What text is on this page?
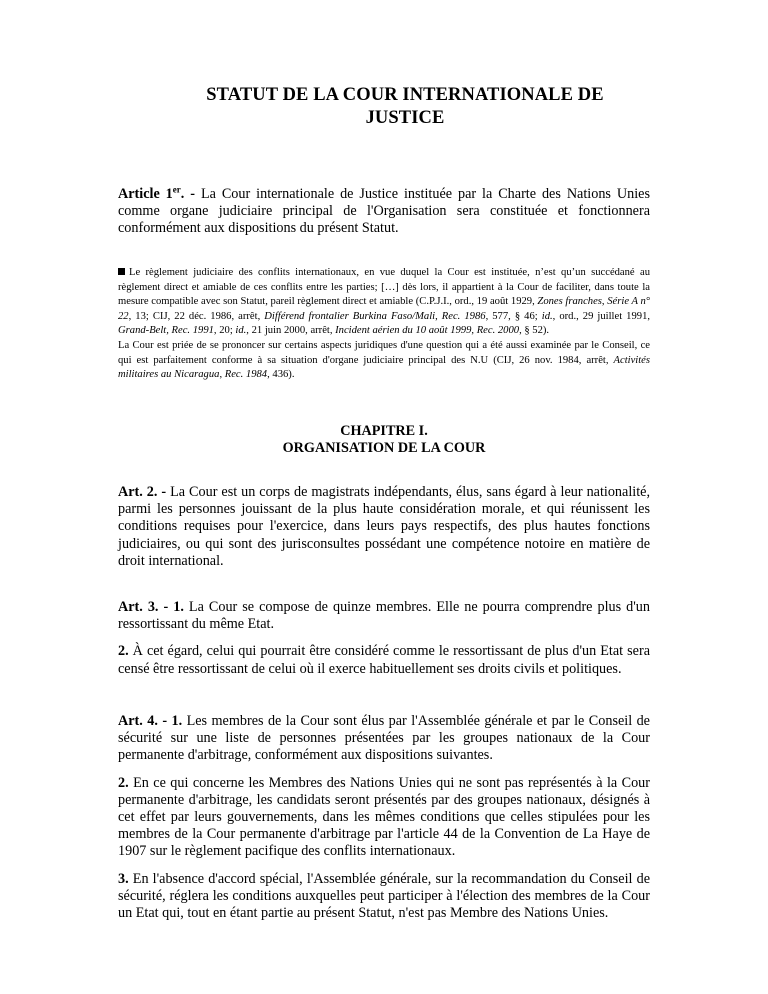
STATUT DE LA COUR INTERNATIONALE DE
JUSTICE

Article 1er. - La Cour internationale de Justice instituée par la Charte des Nations Unies comme organe judiciaire principal de l'Organisation sera constituée et fonctionnera conformément aux dispositions du présent Statut.

Le règlement judiciaire des conflits internationaux, en vue duquel la Cour est instituée, n’est qu’un succédané au règlement direct et amiable de ces conflits entre les parties; […] dès lors, il appartient à la Cour de faciliter, dans toute la mesure compatible avec son Statut, pareil règlement direct et amiable (C.P.J.I., ord., 19 août 1929, Zones franches, Série A n° 22, 13; CIJ, 22 déc. 1986, arrêt, Différend frontalier Burkina Faso/Mali, Rec. 1986, 577, § 46; id., ord., 29 juillet 1991, Grand-Belt, Rec. 1991, 20; id., 21 juin 2000, arrêt, Incident aérien du 10 août 1999, Rec. 2000, § 52).

La Cour est priée de se prononcer sur certains aspects juridiques d'une question qui a été aussi examinée par le Conseil, ce qui est parfaitement conforme à sa situation d'organe judiciaire principal des N.U (CIJ, 26 nov. 1984, arrêt, Activités militaires au Nicaragua, Rec. 1984, 436).

CHAPITRE I.
ORGANISATION DE LA COUR

Art. 2. - La Cour est un corps de magistrats indépendants, élus, sans égard à leur nationalité, parmi les personnes jouissant de la plus haute considération morale, et qui réunissent les conditions requises pour l'exercice, dans leurs pays respectifs, des plus hautes fonctions judiciaires, ou qui sont des jurisconsultes possédant une compétence notoire en matière de droit international.

Art. 3. - 1. La Cour se compose de quinze membres. Elle ne pourra comprendre plus d'un ressortissant du même Etat.

2. À cet égard, celui qui pourrait être considéré comme le ressortissant de plus d'un Etat sera censé être ressortissant de celui où il exerce habituellement ses droits civils et politiques.

Art. 4. - 1. Les membres de la Cour sont élus par l'Assemblée générale et par le Conseil de sécurité sur une liste de personnes présentées par les groupes nationaux de la Cour permanente d'arbitrage, conformément aux dispositions suivantes.

2. En ce qui concerne les Membres des Nations Unies qui ne sont pas représentés à la Cour permanente d'arbitrage, les candidats seront présentés par des groupes nationaux, désignés à cet effet par leurs gouvernements, dans les mêmes conditions que celles stipulées pour les membres de la Cour permanente d'arbitrage par l'article 44 de la Convention de La Haye de 1907 sur le règlement pacifique des conflits internationaux.

3. En l'absence d'accord spécial, l'Assemblée générale, sur la recommandation du Conseil de sécurité, réglera les conditions auxquelles peut participer à l'élection des membres de la Cour un Etat qui, tout en étant partie au présent Statut, n'est pas Membre des Nations Unies.
